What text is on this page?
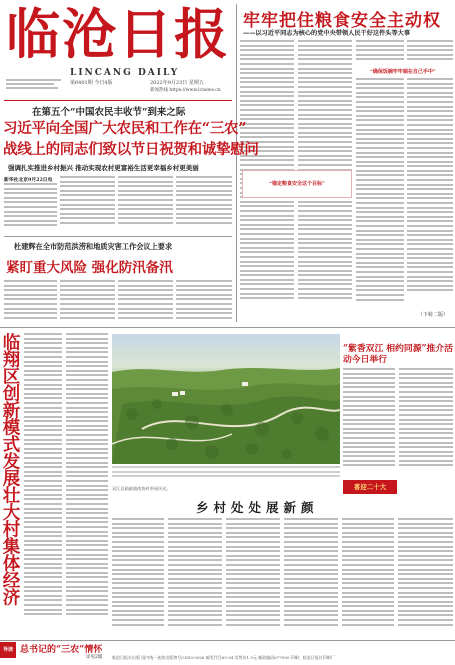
临沧日报
LINCANG DAILY
第6401期 今日4版	2022年9月23日 星期五
新闻热线 https://www.lcnews.cn
牢牢把住粮食安全主动权
——以习近平同志为核心的党中央带领人民干好这件头等大事
“确保饭碗牢牢端在自己手中”
“锚定粮食安全这个目标”
（下转二版）
在第五个“中国农民丰收节”到来之际
习近平向全国广大农民和工作在“三农”
战线上的同志们致以节日祝贺和诚挚慰问
强调扎实推进乡村振兴 推动实现农村更富裕生活更幸福乡村更美丽
新华社北京9月22日电
杜建辉在全市防范洪涝和地质灾害工作会议上要求
紧盯重大风险 强化防汛备汛
临翔区创新模式发展壮大村集体经济	双江县勐勐镇南协村茶园风光。
“紫香双江 相约同源”推介活动今日举行
喜迎二十大
乡村处处展新颜
导读 总书记的“三农”情怀
详见2版 临沧日报社出版 国内统一连续出版物号CN53-0026 邮发代号63-34 零售价1.5元 邮政编码677000 印刷：临沧日报社印刷厂
